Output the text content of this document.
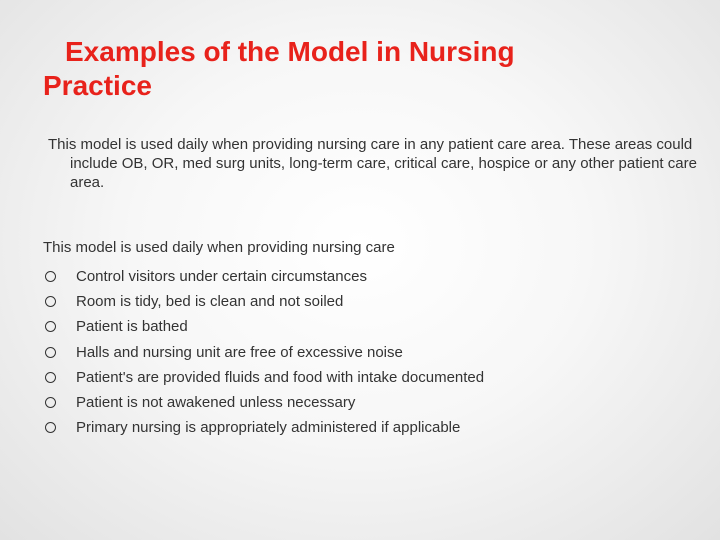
Examples of the Model in Nursing Practice

This model is used daily when providing nursing care in any patient care area. These areas could include OB, OR, med surg units, long-term care, critical care, hospice or any other patient care area.

This model is used daily when providing nursing care

Control visitors under certain circumstances
Room is tidy, bed is clean and not soiled
Patient is bathed
Halls and nursing unit are free of excessive noise
Patient's are provided fluids and food with intake documented
Patient is not awakened unless necessary
Primary nursing is appropriately administered if applicable
